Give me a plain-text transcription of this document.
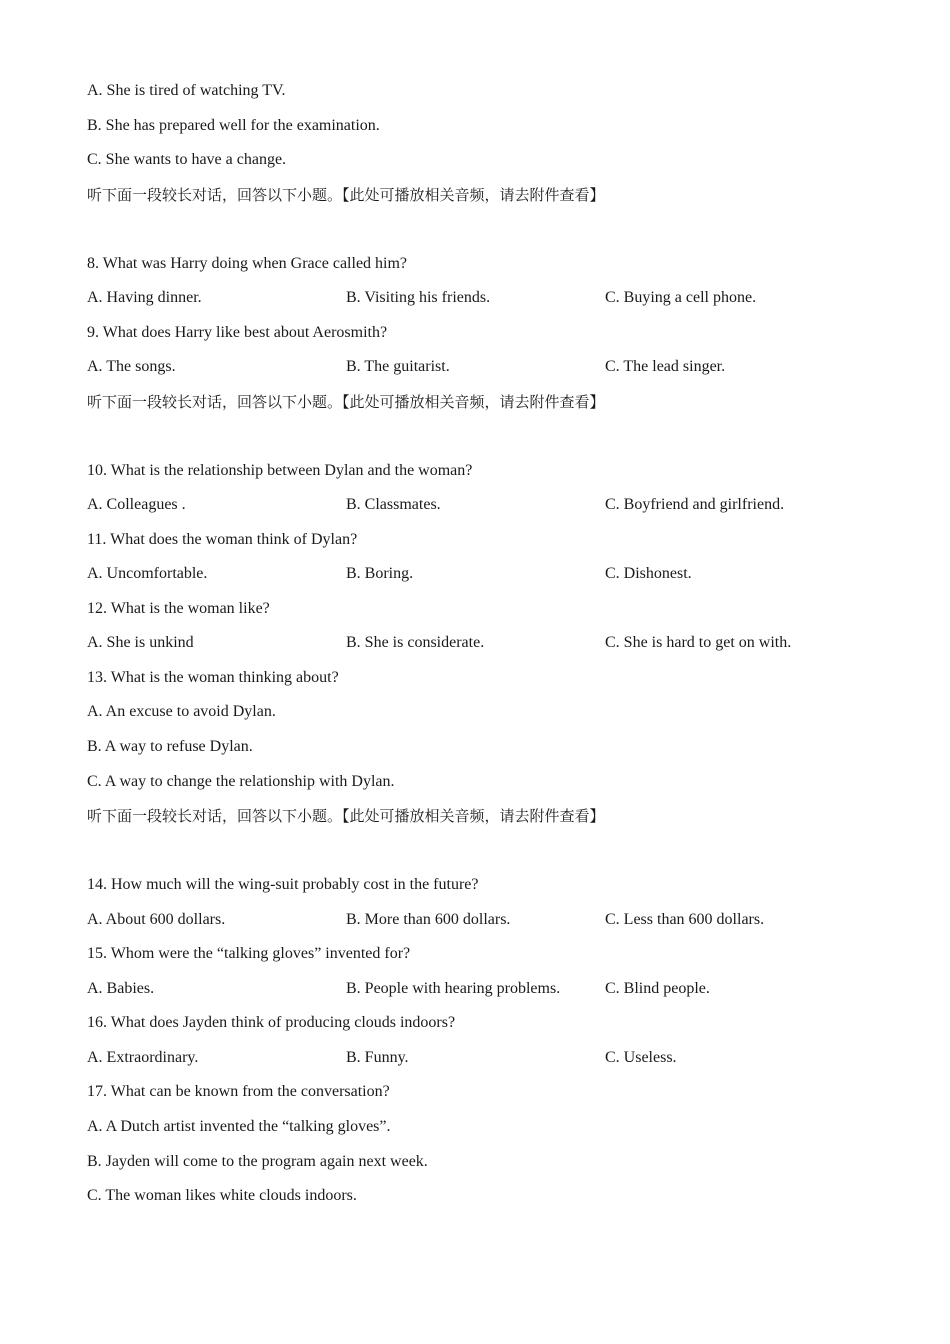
A. She is tired of watching TV.
B. She has prepared well for the examination.
C. She wants to have a change.
听下面一段较长对话，回答以下小题。【此处可播放相关音频，请去附件查看】
8. What was Harry doing when Grace called him?
A. Having dinner.	B. Visiting his friends.	C. Buying a cell phone.
9. What does Harry like best about Aerosmith?
A. The songs.	B. The guitarist.	C. The lead singer.
听下面一段较长对话，回答以下小题。【此处可播放相关音频，请去附件查看】
10. What is the relationship between Dylan and the woman?
A. Colleagues .	B. Classmates.	C. Boyfriend and girlfriend.
11. What does the woman think of Dylan?
A. Uncomfortable.	B. Boring.	C. Dishonest.
12. What is the woman like?
A. She is unkind	B. She is considerate.	C. She is hard to get on with.
13. What is the woman thinking about?
A. An excuse to avoid Dylan.
B. A way to refuse Dylan.
C. A way to change the relationship with Dylan.
听下面一段较长对话，回答以下小题。【此处可播放相关音频，请去附件查看】
14. How much will the wing-suit probably cost in the future?
A. About 600 dollars.	B. More than 600 dollars.	C. Less than 600 dollars.
15. Whom were the “talking gloves” invented for?
A. Babies.	B. People with hearing problems.	C. Blind people.
16. What does Jayden think of producing clouds indoors?
A. Extraordinary.	B. Funny.	C. Useless.
17. What can be known from the conversation?
A. A Dutch artist invented the “talking gloves”.
B. Jayden will come to the program again next week.
C. The woman likes white clouds indoors.
